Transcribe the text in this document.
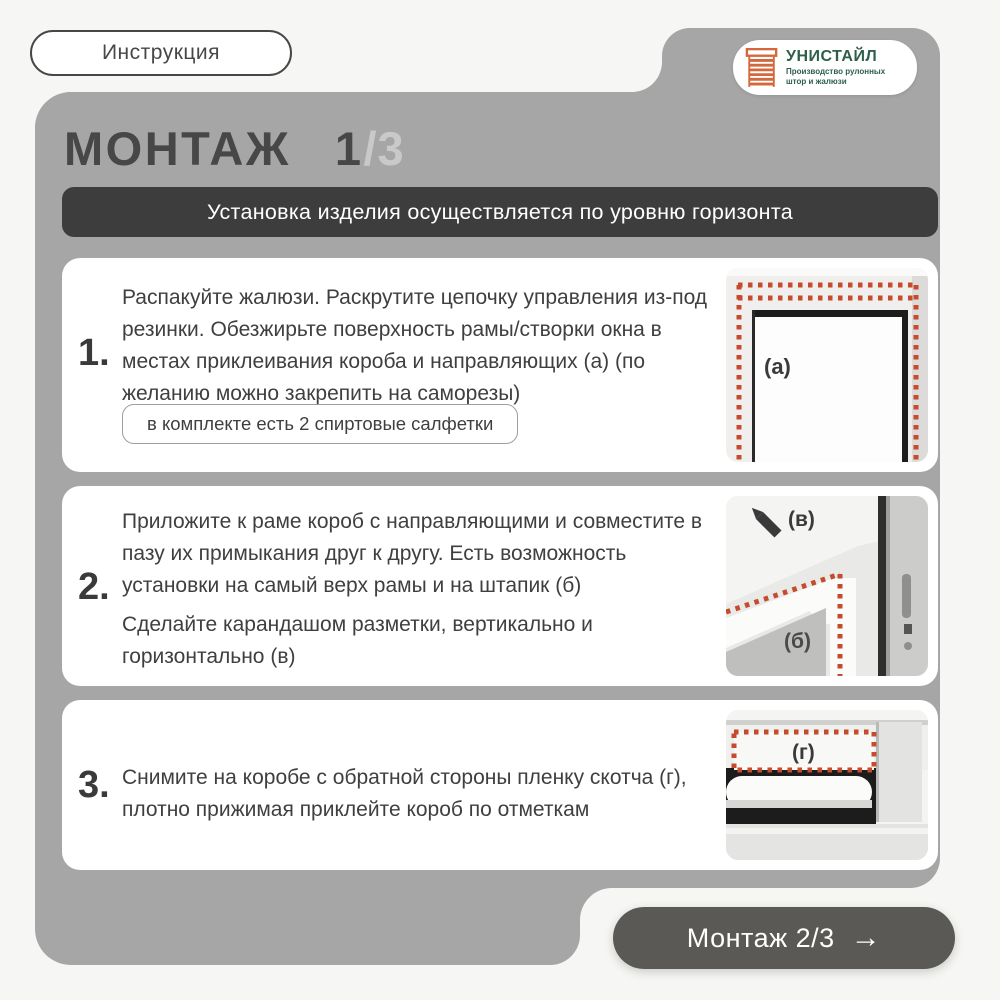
Инструкция	УНИСТАЙЛ
Производство рулонных
штор и жалюзи
МОНТАЖ 1/3
Установка изделия осуществляется по уровню горизонта
1.
Распакуйте жалюзи. Раскрутите цепочку управления из-под резинки. Обезжирьте поверхность рамы/створки окна в местах приклеивания короба и направляющих (а) (по желанию можно закрепить на саморезы)
в комплекте есть 2 спиртовые салфетки
(а)
2.
Приложите к раме короб с направляющими и совместите в пазу их примыкания друг к другу. Есть возможность установки на самый верх рамы и на штапик (б)
Сделайте карандашом разметки, вертикально и горизонтально (в)
(в)
(б)
3. Снимите на коробе с обратной стороны пленку скотча (г), плотно прижимая приклейте короб по отметкам
(г)
Монтаж 2/3 →
